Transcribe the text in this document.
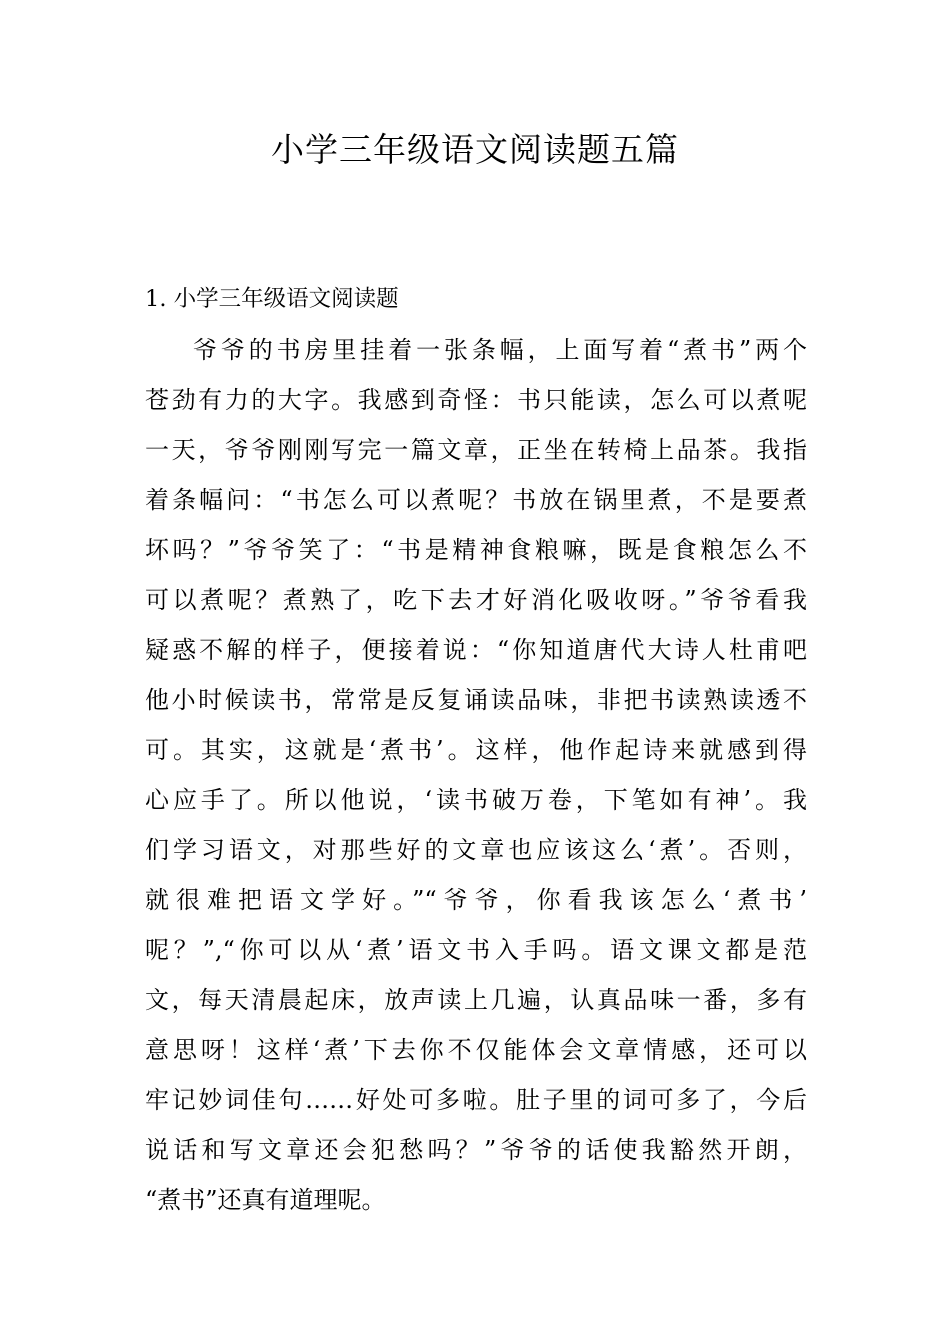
小学三年级语文阅读题五篇
1. 小学三年级语文阅读题
爷爷的书房里挂着一张条幅，上面写着“煮书”两个
苍劲有力的大字。我感到奇怪：书只能读，怎么可以煮呢
一天，爷爷刚刚写完一篇文章，正坐在转椅上品茶。我指
着条幅问：“书怎么可以煮呢？书放在锅里煮，不是要煮
坏吗？”爷爷笑了：“书是精神食粮嘛，既是食粮怎么不
可以煮呢？煮熟了，吃下去才好消化吸收呀。”爷爷看我
疑惑不解的样子，便接着说：“你知道唐代大诗人杜甫吧
他小时候读书，常常是反复诵读品味，非把书读熟读透不
可。其实，这就是‘煮书’。这样，他作起诗来就感到得
心应手了。所以他说，‘读书破万卷，下笔如有神’。我
们学习语文，对那些好的文章也应该这么‘煮’。否则，
就很难把语文学好。”“爷爷，你看我该怎么‘煮书’
呢？”,“你可以从‘煮’语文书入手吗。语文课文都是范
文，每天清晨起床，放声读上几遍，认真品味一番，多有
意思呀！这样‘煮’下去你不仅能体会文章情感，还可以
牢记妙词佳句……好处可多啦。肚子里的词可多了，今后
说话和写文章还会犯愁吗？”爷爷的话使我豁然开朗，
“煮书”还真有道理呢。
